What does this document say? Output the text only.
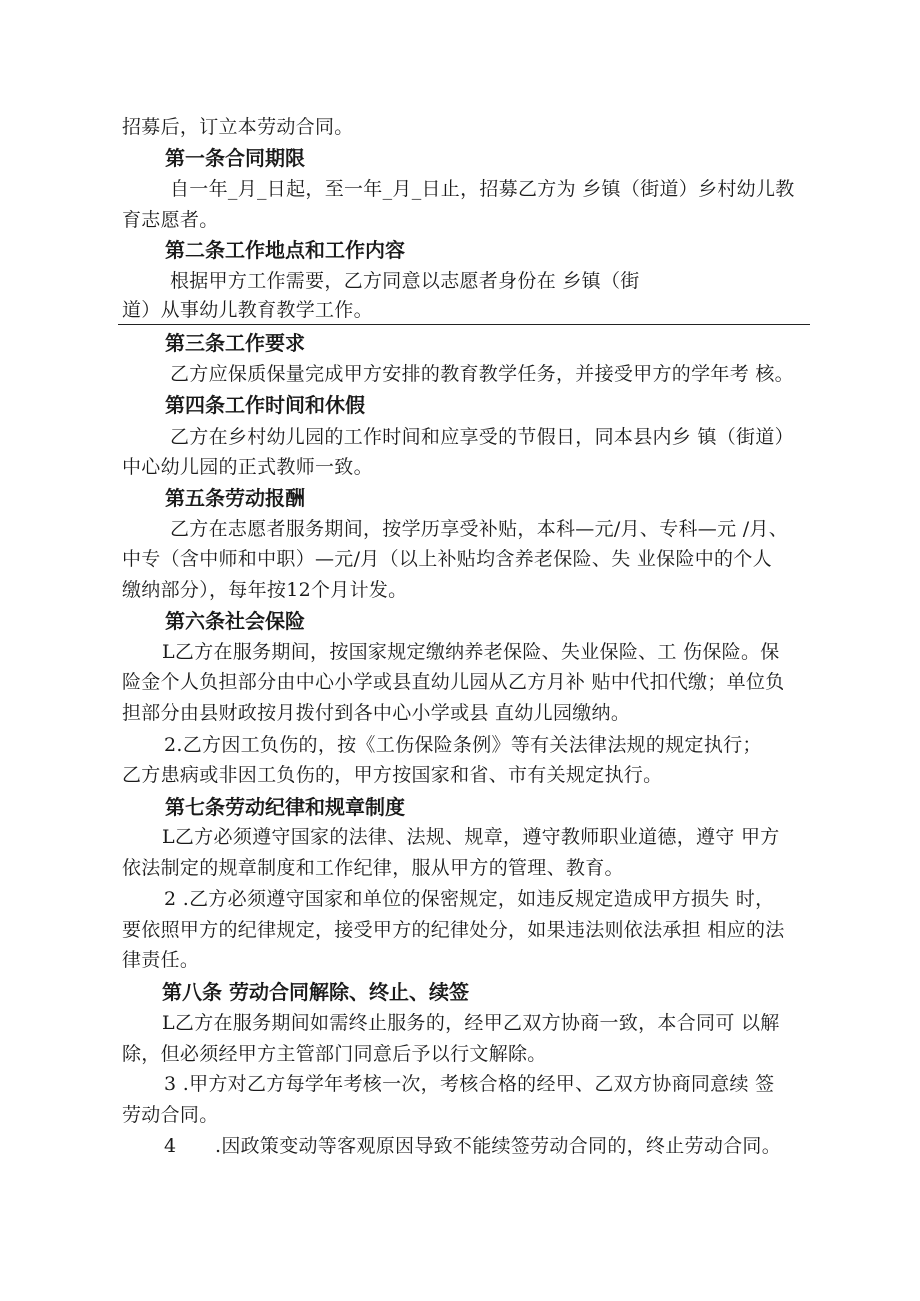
招募后，订立本劳动合同。
第一条合同期限
自一年_月_日起，至一年_月_日止，招募乙方为 乡镇（街道）乡村幼儿教
育志愿者。
第二条工作地点和工作内容
根据甲方工作需要，乙方同意以志愿者身份在 乡镇（街
道）从事幼儿教育教学工作。
第三条工作要求
乙方应保质保量完成甲方安排的教育教学任务，并接受甲方的学年考 核。
第四条工作时间和休假
乙方在乡村幼儿园的工作时间和应享受的节假日，同本县内乡 镇（街道）
中心幼儿园的正式教师一致。
第五条劳动报酬
乙方在志愿者服务期间，按学历享受补贴，本科—元/月、专科—元 /月、
中专（含中师和中职）—元/月（以上补贴均含养老保险、失 业保险中的个人
缴纳部分），每年按12个月计发。
第六条社会保险
L乙方在服务期间，按国家规定缴纳养老保险、失业保险、工 伤保险。保
险金个人负担部分由中心小学或县直幼儿园从乙方月补 贴中代扣代缴；单位负
担部分由县财政按月拨付到各中心小学或县 直幼儿园缴纳。
2.乙方因工负伤的，按《工伤保险条例》等有关法律法规的规定执行；
乙方患病或非因工负伤的，甲方按国家和省、市有关规定执行。
第七条劳动纪律和规章制度
L乙方必须遵守国家的法律、法规、规章，遵守教师职业道德，遵守 甲方
依法制定的规章制度和工作纪律，服从甲方的管理、教育。
2 .乙方必须遵守国家和单位的保密规定，如违反规定造成甲方损失 时，
要依照甲方的纪律规定，接受甲方的纪律处分，如果违法则依法承担 相应的法
律责任。
第八条 劳动合同解除、终止、续签
L乙方在服务期间如需终止服务的，经甲乙双方协商一致，本合同可 以解
除，但必须经甲方主管部门同意后予以行文解除。
3 .甲方对乙方每学年考核一次，考核合格的经甲、乙双方协商同意续 签
劳动合同。
4　　.因政策变动等客观原因导致不能续签劳动合同的，终止劳动合同。
